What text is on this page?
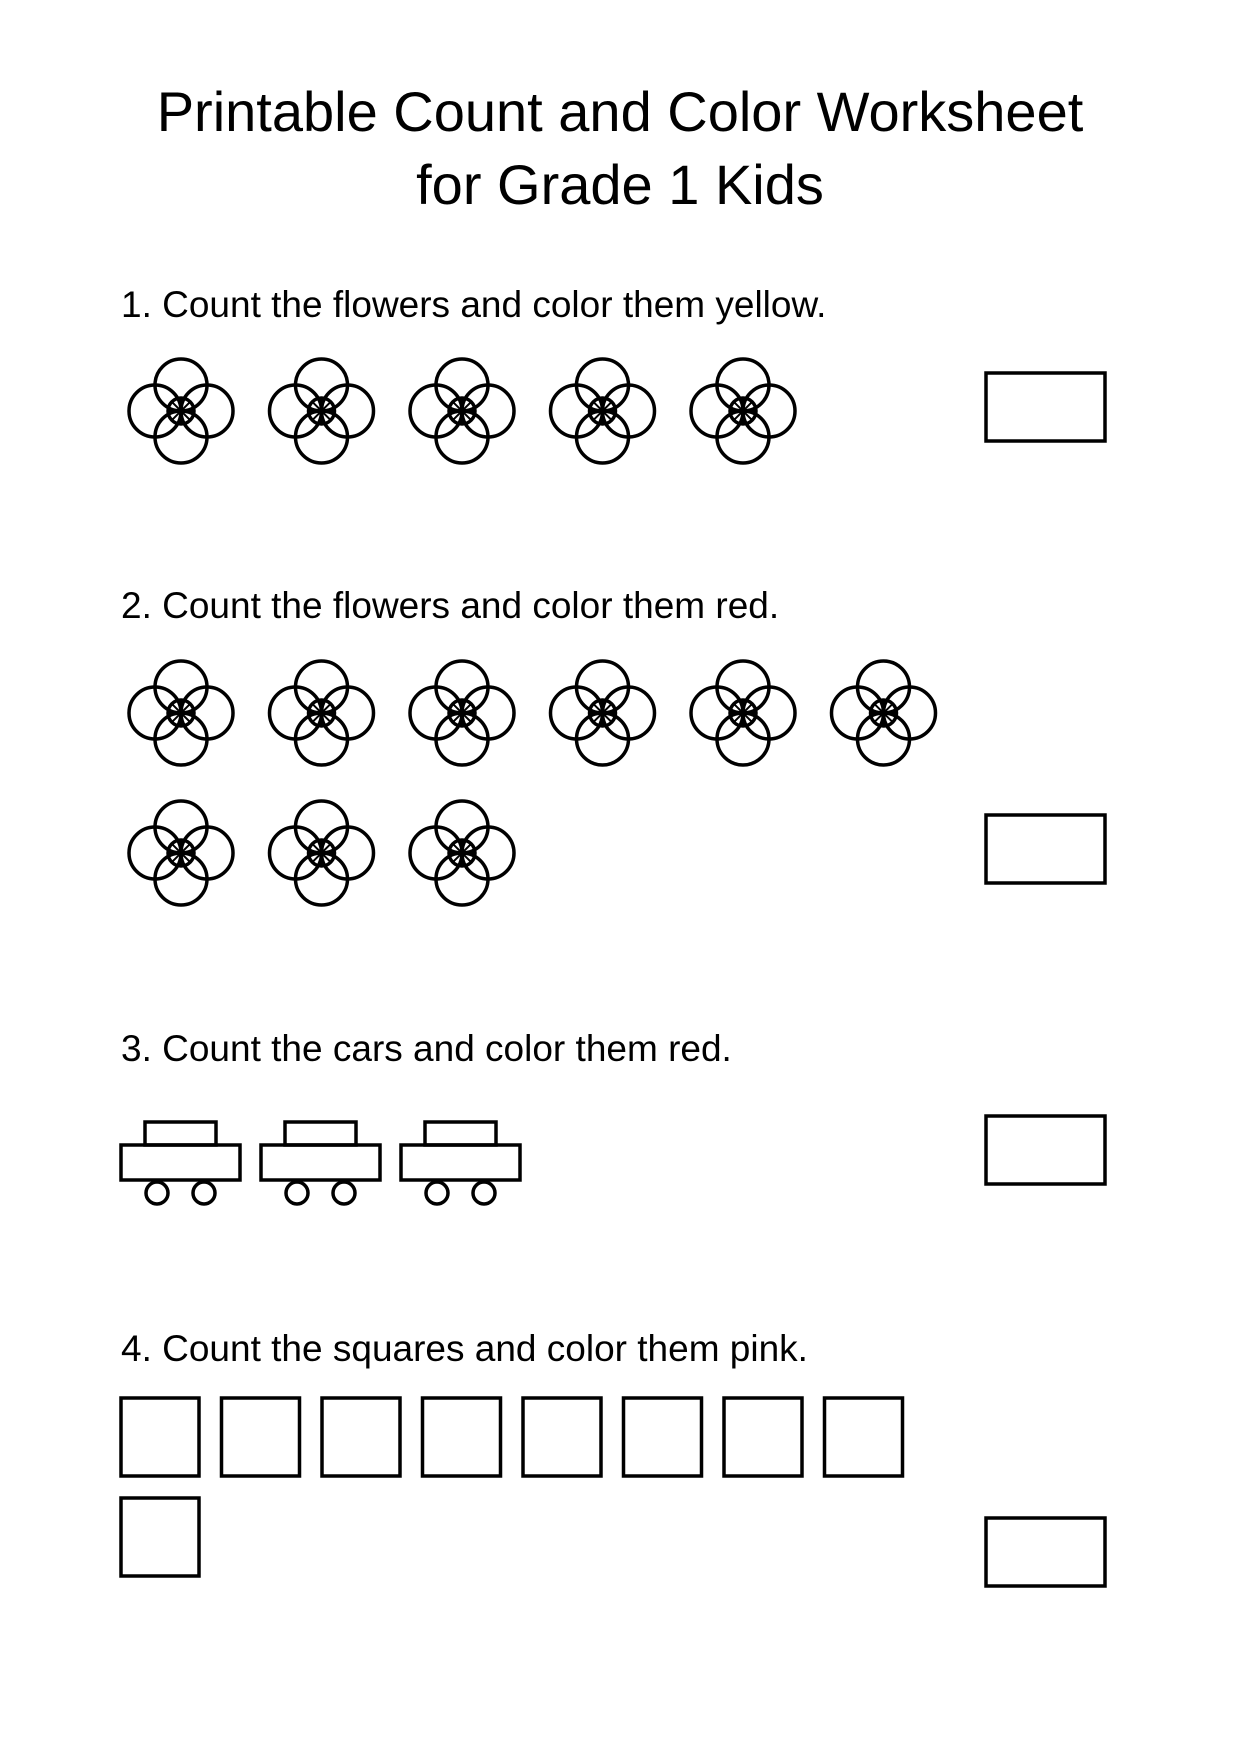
Printable Count and Color Worksheet
for Grade 1 Kids
1. Count the flowers and color them yellow.
2. Count the flowers and color them red.
3. Count the cars and color them red.
4. Count the squares and color them pink.
